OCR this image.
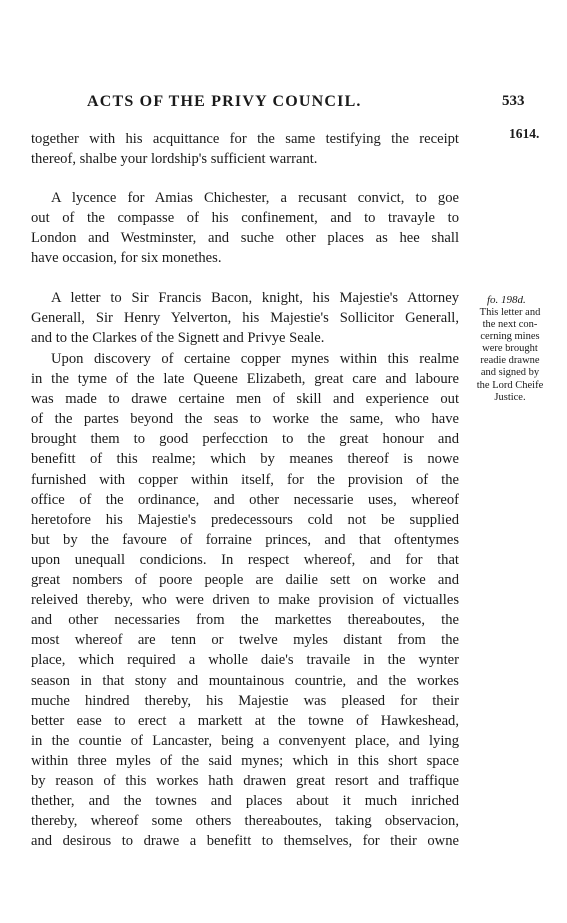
ACTS OF THE PRIVY COUNCIL.	533
1614.
together with his acquittance for the same testifying the receipt
thereof, shalbe your lordship's sufficient warrant.
A lycence for Amias Chichester, a recusant convict, to goe
out of the compasse of his confinement, and to travayle to
London and Westminster, and suche other places as hee shall
have occasion, for six monethes.
A letter to Sir Francis Bacon, knight, his Majestie's Attorney
Generall, Sir Henry Yelverton, his Majestie's Sollicitor Generall,
and to the Clarkes of the Signett and Privye Seale.
Upon discovery of certaine copper mynes within this realme
in the tyme of the late Queene Elizabeth, great care and laboure
was made to drawe certaine men of skill and experience out
of the partes beyond the seas to worke the same, who have
brought them to good perfecction to the great honour and
benefitt of this realme; which by meanes thereof is nowe
furnished with copper within itself, for the provision of the
office of the ordinance, and other necessarie uses, whereof
heretofore his Majestie's predecessours cold not be supplied
but by the favoure of forraine princes, and that oftentymes
upon unequall condicions. In respect whereof, and for that
great nombers of poore people are dailie sett on worke and
releived thereby, who were driven to make provision of victualles
and other necessaries from the markettes thereaboutes, the
most whereof are tenn or twelve myles distant from the
place, which required a wholle daie's travaile in the wynter
season in that stony and mountainous countrie, and the workes
muche hindred thereby, his Majestie was pleased for their
better ease to erect a markett at the towne of Hawkeshead,
in the countie of Lancaster, being a convenyent place, and lying
within three myles of the said mynes; which in this short space
by reason of this workes hath drawen great resort and traffique
thether, and the townes and places about it much inriched
thereby, whereof some others thereaboutes, taking observacion,
and desirous to drawe a benefitt to themselves, for their owne
fo. 198d.
This letter and
the next con-
cerning mines
were brought
readie drawne
and signed by
the Lord Cheife
Justice.
